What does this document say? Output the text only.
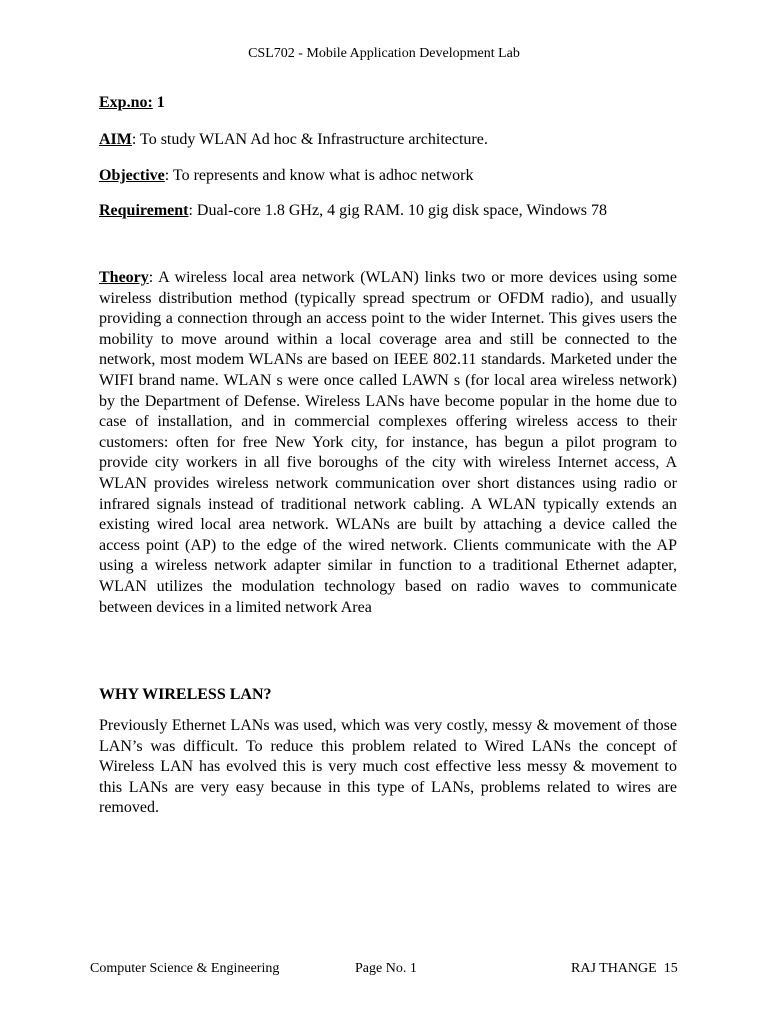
CSL702 - Mobile Application Development Lab
Exp.no: 1
AIM: To study WLAN Ad hoc & Infrastructure architecture.
Objective: To represents and know what is adhoc network
Requirement: Dual-core 1.8 GHz, 4 gig RAM. 10 gig disk space, Windows 78

Theory: A wireless local area network (WLAN) links two or more devices using some wireless distribution method (typically spread spectrum or OFDM radio), and usually providing a connection through an access point to the wider Internet. This gives users the mobility to move around within a local coverage area and still be connected to the network, most modem WLANs are based on IEEE 802.11 standards. Marketed under the WIFI brand name. WLAN s were once called LAWN s (for local area wireless network) by the Department of Defense. Wireless LANs have become popular in the home due to case of installation, and in commercial complexes offering wireless access to their customers: often for free New York city, for instance, has begun a pilot program to provide city workers in all five boroughs of the city with wireless Internet access, A WLAN provides wireless network communication over short distances using radio or infrared signals instead of traditional network cabling. A WLAN typically extends an existing wired local area network. WLANs are built by attaching a device called the access point (AP) to the edge of the wired network. Clients communicate with the AP using a wireless network adapter similar in function to a traditional Ethernet adapter, WLAN utilizes the modulation technology based on radio waves to communicate between devices in a limited network Area

WHY WIRELESS LAN?

Previously Ethernet LANs was used, which was very costly, messy & movement of those LAN’s was difficult. To reduce this problem related to Wired LANs the concept of Wireless LAN has evolved this is very much cost effective less messy & movement to this LANs are very easy because in this type of LANs, problems related to wires are removed.

Computer Science & Engineering	Page No. 1	RAJ THANGE  15
